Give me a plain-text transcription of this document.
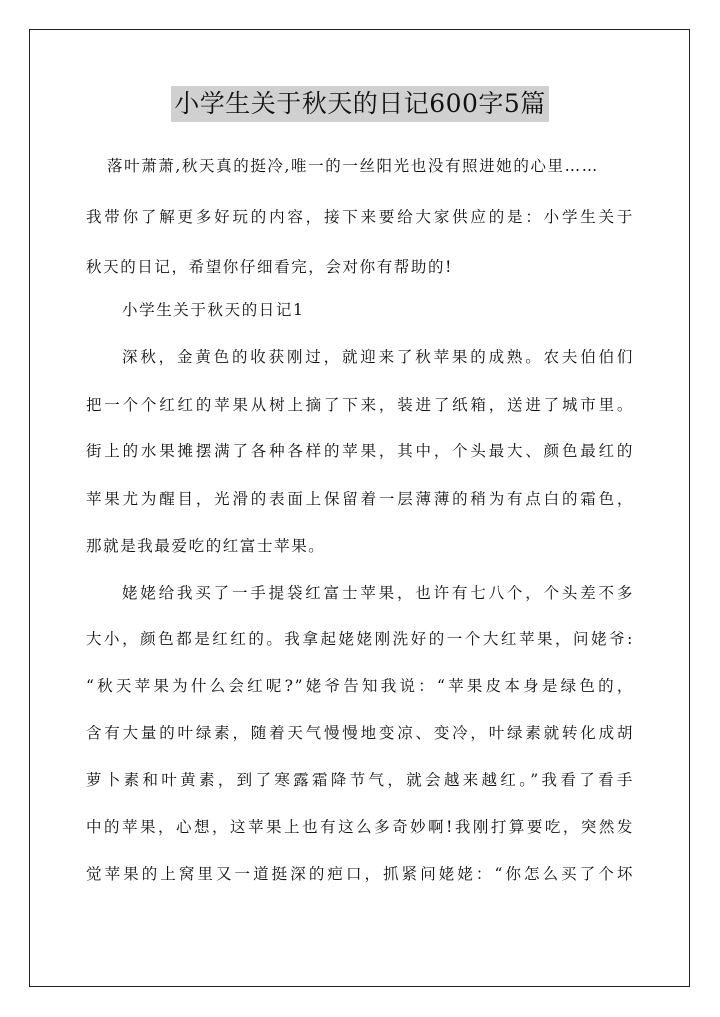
小学生关于秋天的日记600字5篇
落叶萧萧,秋天真的挺冷,唯一的一丝阳光也没有照进她的心里……
我带你了解更多好玩的内容，接下来要给大家供应的是：小学生关于
秋天的日记，希望你仔细看完，会对你有帮助的!
小学生关于秋天的日记1
深秋，金黄色的收获刚过，就迎来了秋苹果的成熟。农夫伯伯们
把一个个红红的苹果从树上摘了下来，装进了纸箱，送进了城市里。
街上的水果摊摆满了各种各样的苹果，其中，个头最大、颜色最红的
苹果尤为醒目，光滑的表面上保留着一层薄薄的稍为有点白的霜色，
那就是我最爱吃的红富士苹果。
姥姥给我买了一手提袋红富士苹果，也许有七八个，个头差不多
大小，颜色都是红红的。我拿起姥姥刚洗好的一个大红苹果，问姥爷:
“秋天苹果为什么会红呢?”姥爷告知我说：“苹果皮本身是绿色的，
含有大量的叶绿素，随着天气慢慢地变凉、变冷，叶绿素就转化成胡
萝卜素和叶黄素，到了寒露霜降节气，就会越来越红。”我看了看手
中的苹果，心想，这苹果上也有这么多奇妙啊!我刚打算要吃，突然发
觉苹果的上窝里又一道挺深的疤口，抓紧问姥姥：“你怎么买了个坏
